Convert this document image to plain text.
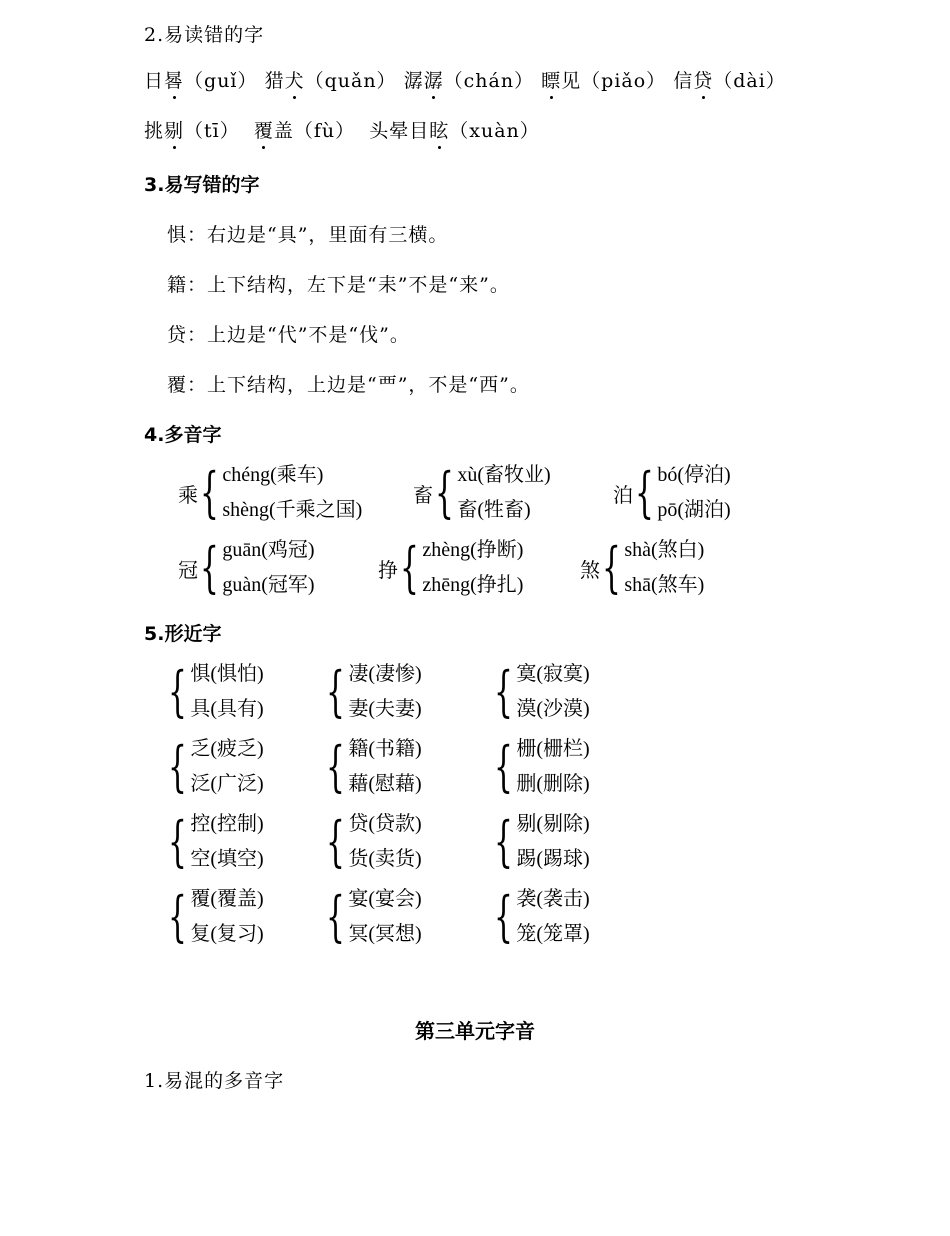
2.易读错的字
日晷（guǐ） 猎犬（quǎn） 潺潺（chán） 瞟见（piǎo） 信贷（dài）
挑剔（tī） 覆盖（fù） 头晕目眩（xuàn）
3.易写错的字
惧：右边是“具”，里面有三横。
籍：上下结构，左下是“耒”不是“来”。
贷：上边是“代”不是“伐”。
覆：上下结构，上边是“覀”，不是“西”。
4.多音字
乘 { chéng(乘车)
shèng(千乘之国)
畜 { xù(畜牧业)
畜(牲畜)
泊 { bó(停泊)
pō(湖泊)
冠 { guān(鸡冠)
guàn(冠军)
挣 { zhèng(挣断)
zhēng(挣扎)
煞 { shà(煞白)
shā(煞车)
5.形近字
{ 惧(惧怕)
具(具有) { 凄(凄惨)
妻(夫妻) { 寞(寂寞)
漠(沙漠)
{ 乏(疲乏)
泛(广泛) { 籍(书籍)
藉(慰藉) { 栅(栅栏)
删(删除)
{ 控(控制)
空(填空) { 贷(贷款)
货(卖货) { 剔(剔除)
踢(踢球)
{ 覆(覆盖)
复(复习) { 宴(宴会)
冥(冥想) { 袭(袭击)
笼(笼罩)
第三单元字音
1.易混的多音字
